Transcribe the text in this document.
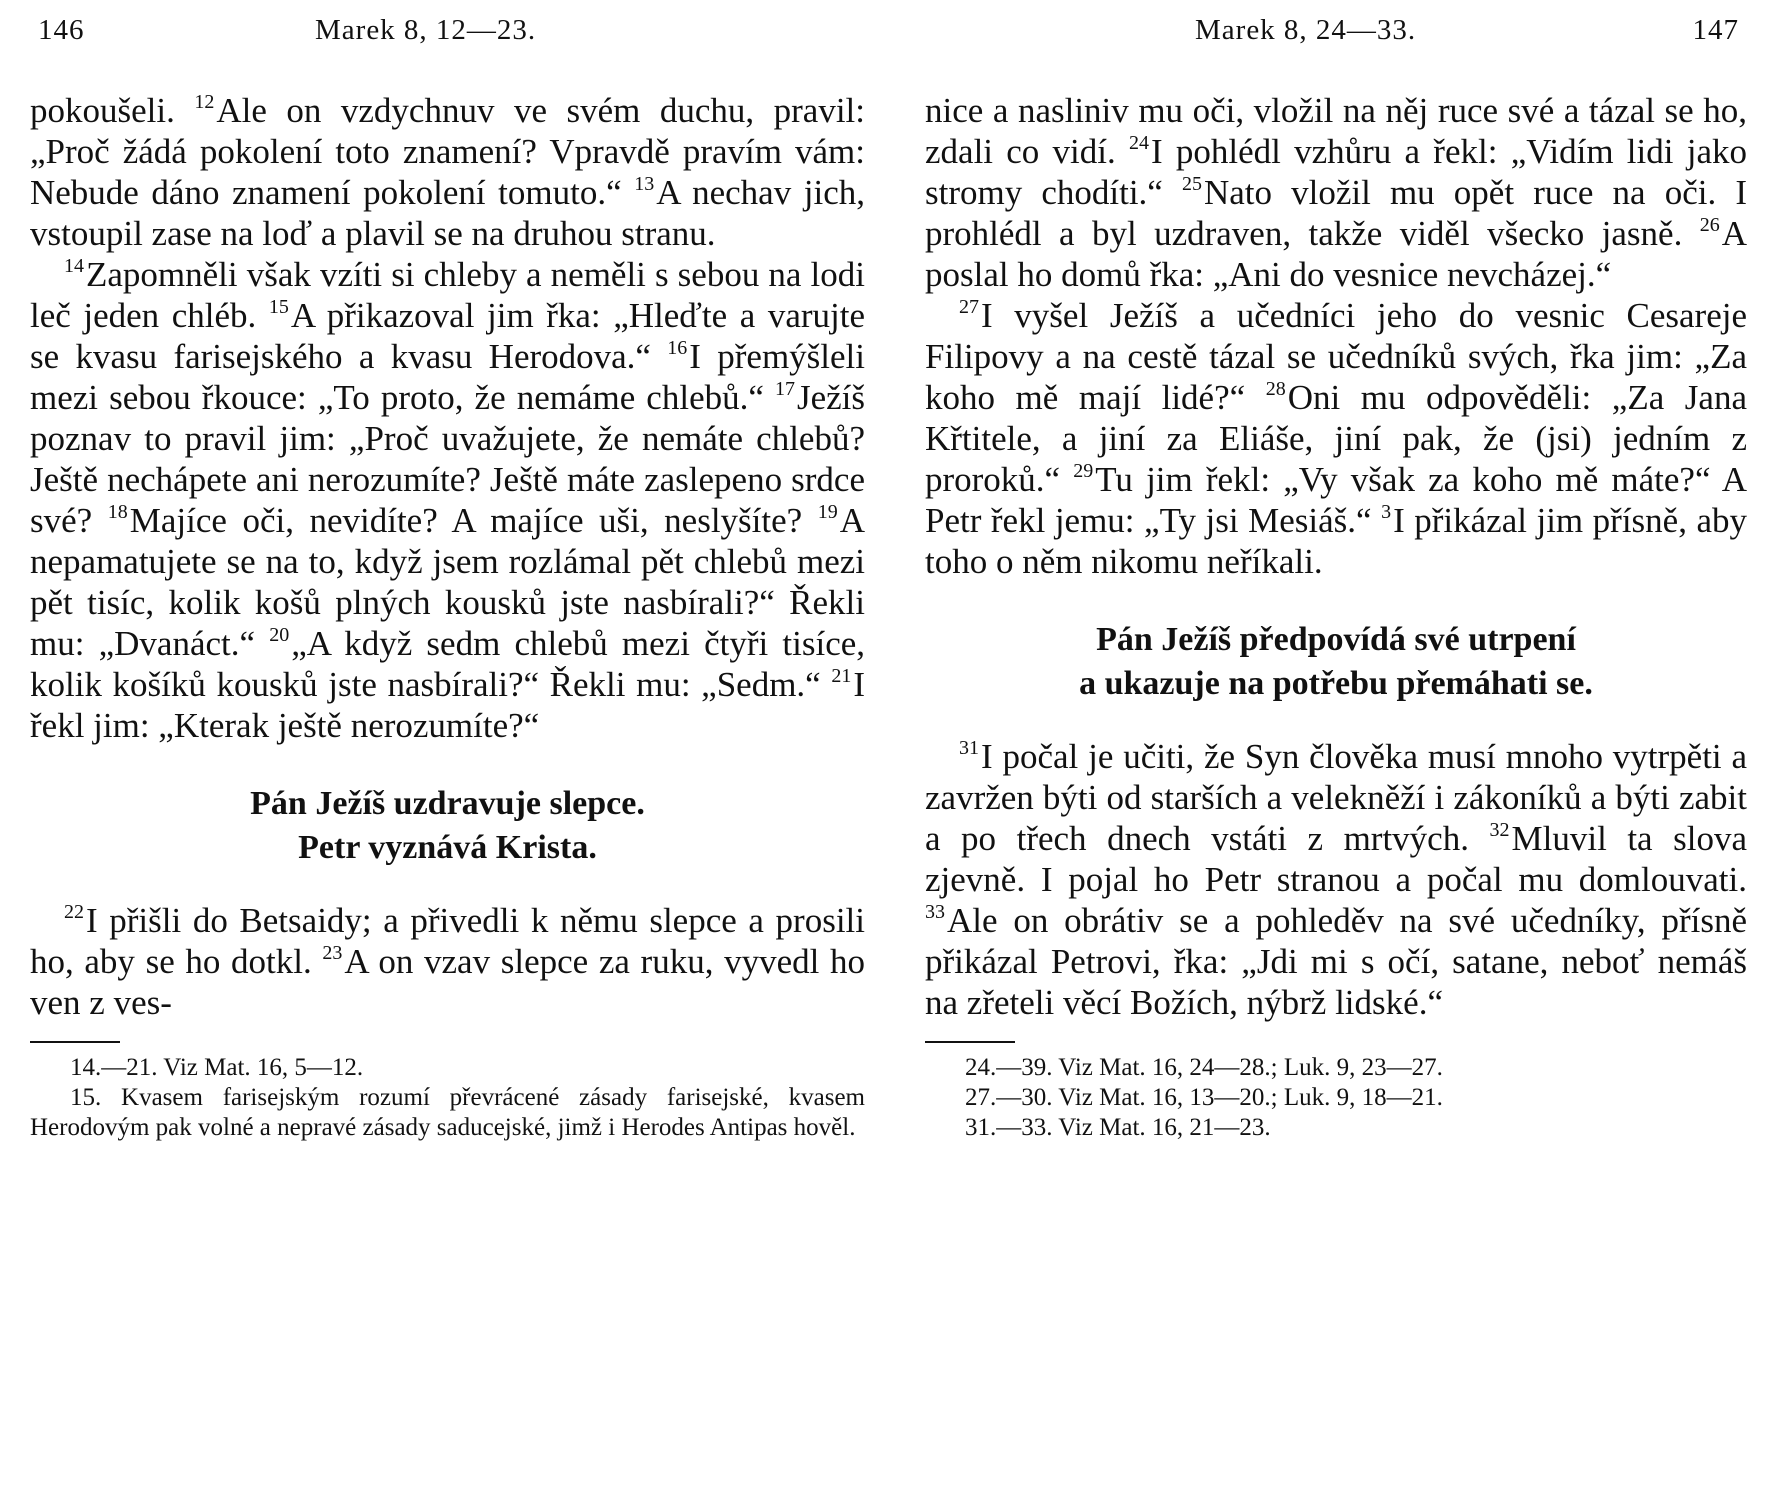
146	Marek 8, 12—23.

pokoušeli. $^{12}$Ale on vzdychnuv ve svém duchu, pravil: „Proč žádá pokolení toto znamení? Vpravdě pravím vám: Nebude dáno znamení pokolení tomuto.“ $^{13}$A nechav jich, vstoupil zase na loď a plavil se na druhou stranu.

$^{14}$Zapomněli však vzíti si chleby a neměli s sebou na lodi leč jeden chléb. $^{15}$A přikazoval jim řka: „Hleďte a varujte se kvasu farisejského a kvasu Herodova.“ $^{16}$I přemýšleli mezi sebou řkouce: „To proto, že nemáme chlebů.“ $^{17}$Ježíš poznav to pravil jim: „Proč uvažujete, že nemáte chlebů? Ještě nechápete ani nerozumíte? Ještě máte zaslepeno srdce své? $^{18}$Majíce oči, nevidíte? A majíce uši, neslyšíte? $^{19}$A nepamatujete se na to, když jsem rozlámal pět chlebů mezi pět tisíc, kolik košů plných kousků jste nasbírali?“ Řekli mu: „Dvanáct.“ $^{20}$„A když sedm chlebů mezi čtyři tisíce, kolik košíků kousků jste nasbírali?“ Řekli mu: „Sedm.“ $^{21}$I řekl jim: „Kterak ještě nerozumíte?“

Pán Ježíš uzdravuje slepce.
Petr vyznává Krista.

$^{22}$I přišli do Betsaidy; a přivedli k němu slepce a prosili ho, aby se ho dotkl. $^{23}$A on vzav slepce za ruku, vyvedl ho ven z ves-

14.—21. Viz Mat. 16, 5—12.

15. Kvasem farisejským rozumí převrácené zásady farisejské, kvasem Herodovým pak volné a nepravé zásady saducejské, jimž i Herodes Antipas hověl.

Marek 8, 24—33.	147

nice a nasliniv mu oči, vložil na něj ruce své a tázal se ho, zdali co vidí. $^{24}$I pohlédl vzhůru a řekl: „Vidím lidi jako stromy chodíti.“ $^{25}$Nato vložil mu opět ruce na oči. I prohlédl a byl uzdraven, takže viděl všecko jasně. $^{26}$A poslal ho domů řka: „Ani do vesnice nevcházej.“

$^{27}$I vyšel Ježíš a učedníci jeho do vesnic Cesareje Filipovy a na cestě tázal se učedníků svých, řka jim: „Za koho mě mají lidé?“ $^{28}$Oni mu odpověděli: „Za Jana Křtitele, a jiní za Eliáše, jiní pak, že (jsi) jedním z proroků.“ $^{29}$Tu jim řekl: „Vy však za koho mě máte?“ A Petr řekl jemu: „Ty jsi Mesiáš.“ $^3$I přikázal jim přísně, aby toho o něm nikomu neříkali.

Pán Ježíš předpovídá své utrpení
a ukazuje na potřebu přemáhati se.

$^{31}$I počal je učiti, že Syn člověka musí mnoho vytrpěti a zavržen býti od starších a velekněží i zákoníků a býti zabit a po třech dnech vstáti z mrtvých. $^{32}$Mluvil ta slova zjevně. I pojal ho Petr stranou a počal mu domlouvati. $^{33}$Ale on obrátiv se a pohleděv na své učedníky, přísně přikázal Petrovi, řka: „Jdi mi s očí, satane, neboť nemáš na zřeteli věcí Božích, nýbrž lidské.“

24.—39. Viz Mat. 16, 24—28.; Luk. 9, 23—27.

27.—30. Viz Mat. 16, 13—20.; Luk. 9, 18—21.

31.—33. Viz Mat. 16, 21—23.
